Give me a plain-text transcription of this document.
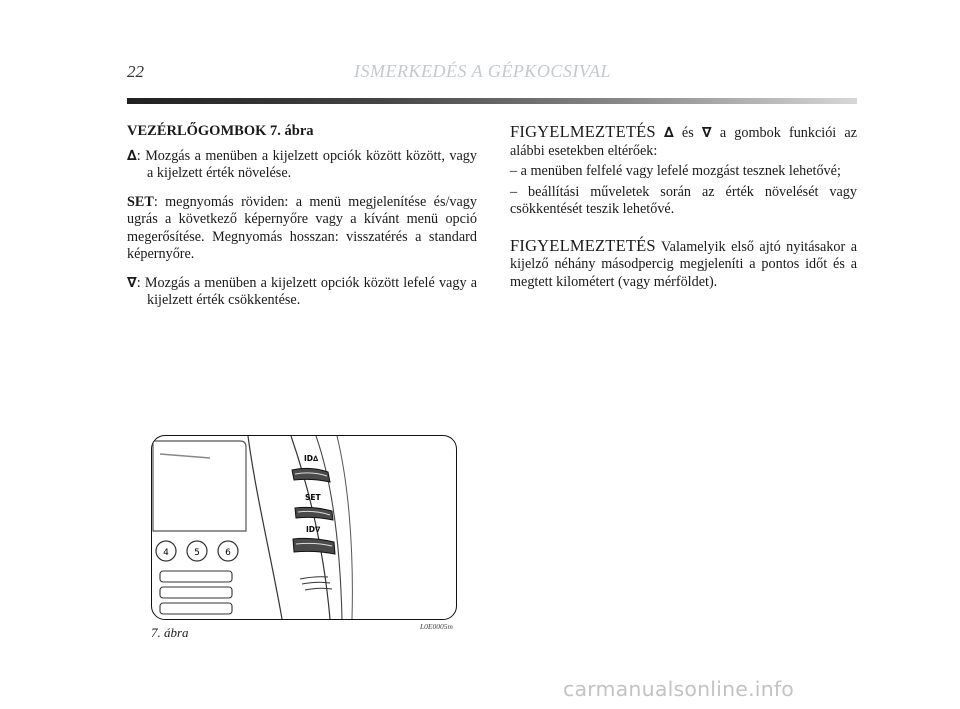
22	ISMERKEDÉS A GÉPKOCSIVAL

VEZÉRLŐGOMBOK 7. ábra

∆: Mozgás a menüben a kijelzett opciók között között, vagy a kijelzett érték növelése.

SET: megnyomás röviden: a menü megjelenítése és/vagy ugrás a következő képernyőre vagy a kívánt menü opció megerősítése. Megnyomás hosszan: visszatérés a standard képernyőre.

∇: Mozgás a menüben a kijelzett opciók között lefelé vagy a kijelzett érték csökkentése.

FIGYELMEZTETÉS ∆ és ∇ a gombok funkciói az alábbi esetekben eltérőek:

– a menüben felfelé vagy lefelé mozgást tesznek lehetővé;

– beállítási műveletek során az érték növelését vagy csökkentését teszik lehetővé.

FIGYELMEZTETÉS Valamelyik első ajtó nyitásakor a kijelző néhány másodpercig megjeleníti a pontos időt és a megtett kilométert (vagy mérföldet).

4	5	6
ID∆
SET
ID∇
7. ábra	L0E0005m
carmanualsonline.info
